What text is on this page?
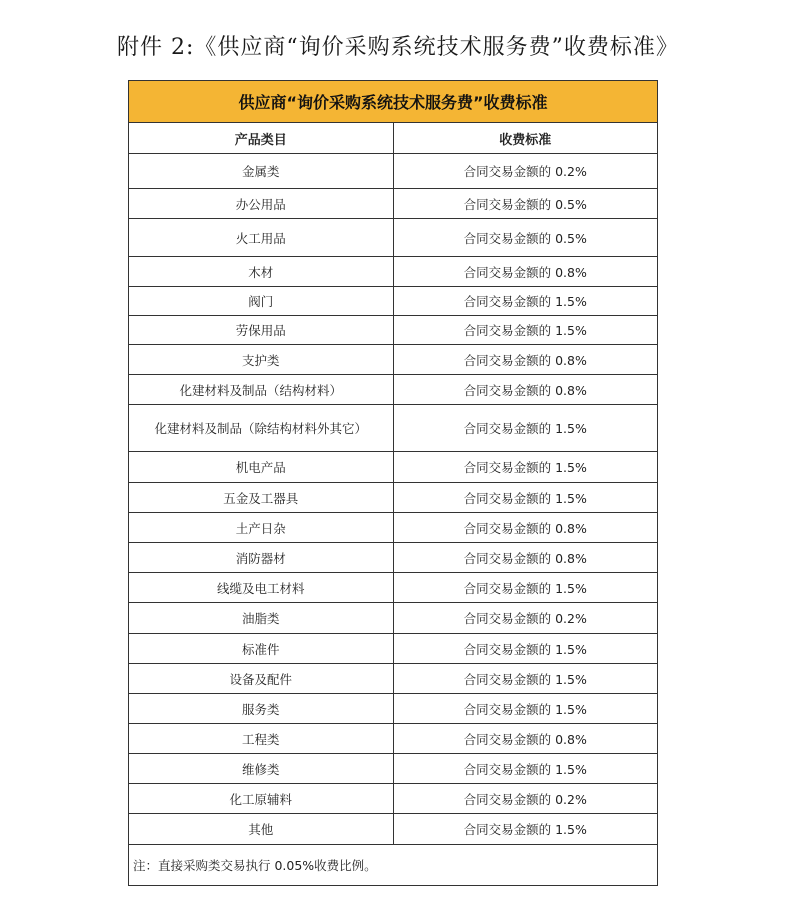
附件 2:《供应商“询价采购系统技术服务费”收费标准》
供应商“询价采购系统技术服务费”收费标准	
产品类目	收费标准
金属类	合同交易金额的 0.2%
办公用品	合同交易金额的 0.5%
火工用品	合同交易金额的 0.5%
木材	合同交易金额的 0.8%
阀门	合同交易金额的 1.5%
劳保用品	合同交易金额的 1.5%
支护类	合同交易金额的 0.8%
化建材料及制品（结构材料）	合同交易金额的 0.8%
化建材料及制品（除结构材料外其它）	合同交易金额的 1.5%
机电产品	合同交易金额的 1.5%
五金及工器具	合同交易金额的 1.5%
土产日杂	合同交易金额的 0.8%
消防器材	合同交易金额的 0.8%
线缆及电工材料	合同交易金额的 1.5%
油脂类	合同交易金额的 0.2%
标准件	合同交易金额的 1.5%
设备及配件	合同交易金额的 1.5%
服务类	合同交易金额的 1.5%
工程类	合同交易金额的 0.8%
维修类	合同交易金额的 1.5%
化工原辅料	合同交易金额的 0.2%
其他	合同交易金额的 1.5%
注：直接采购类交易执行 0.05%收费比例。	
